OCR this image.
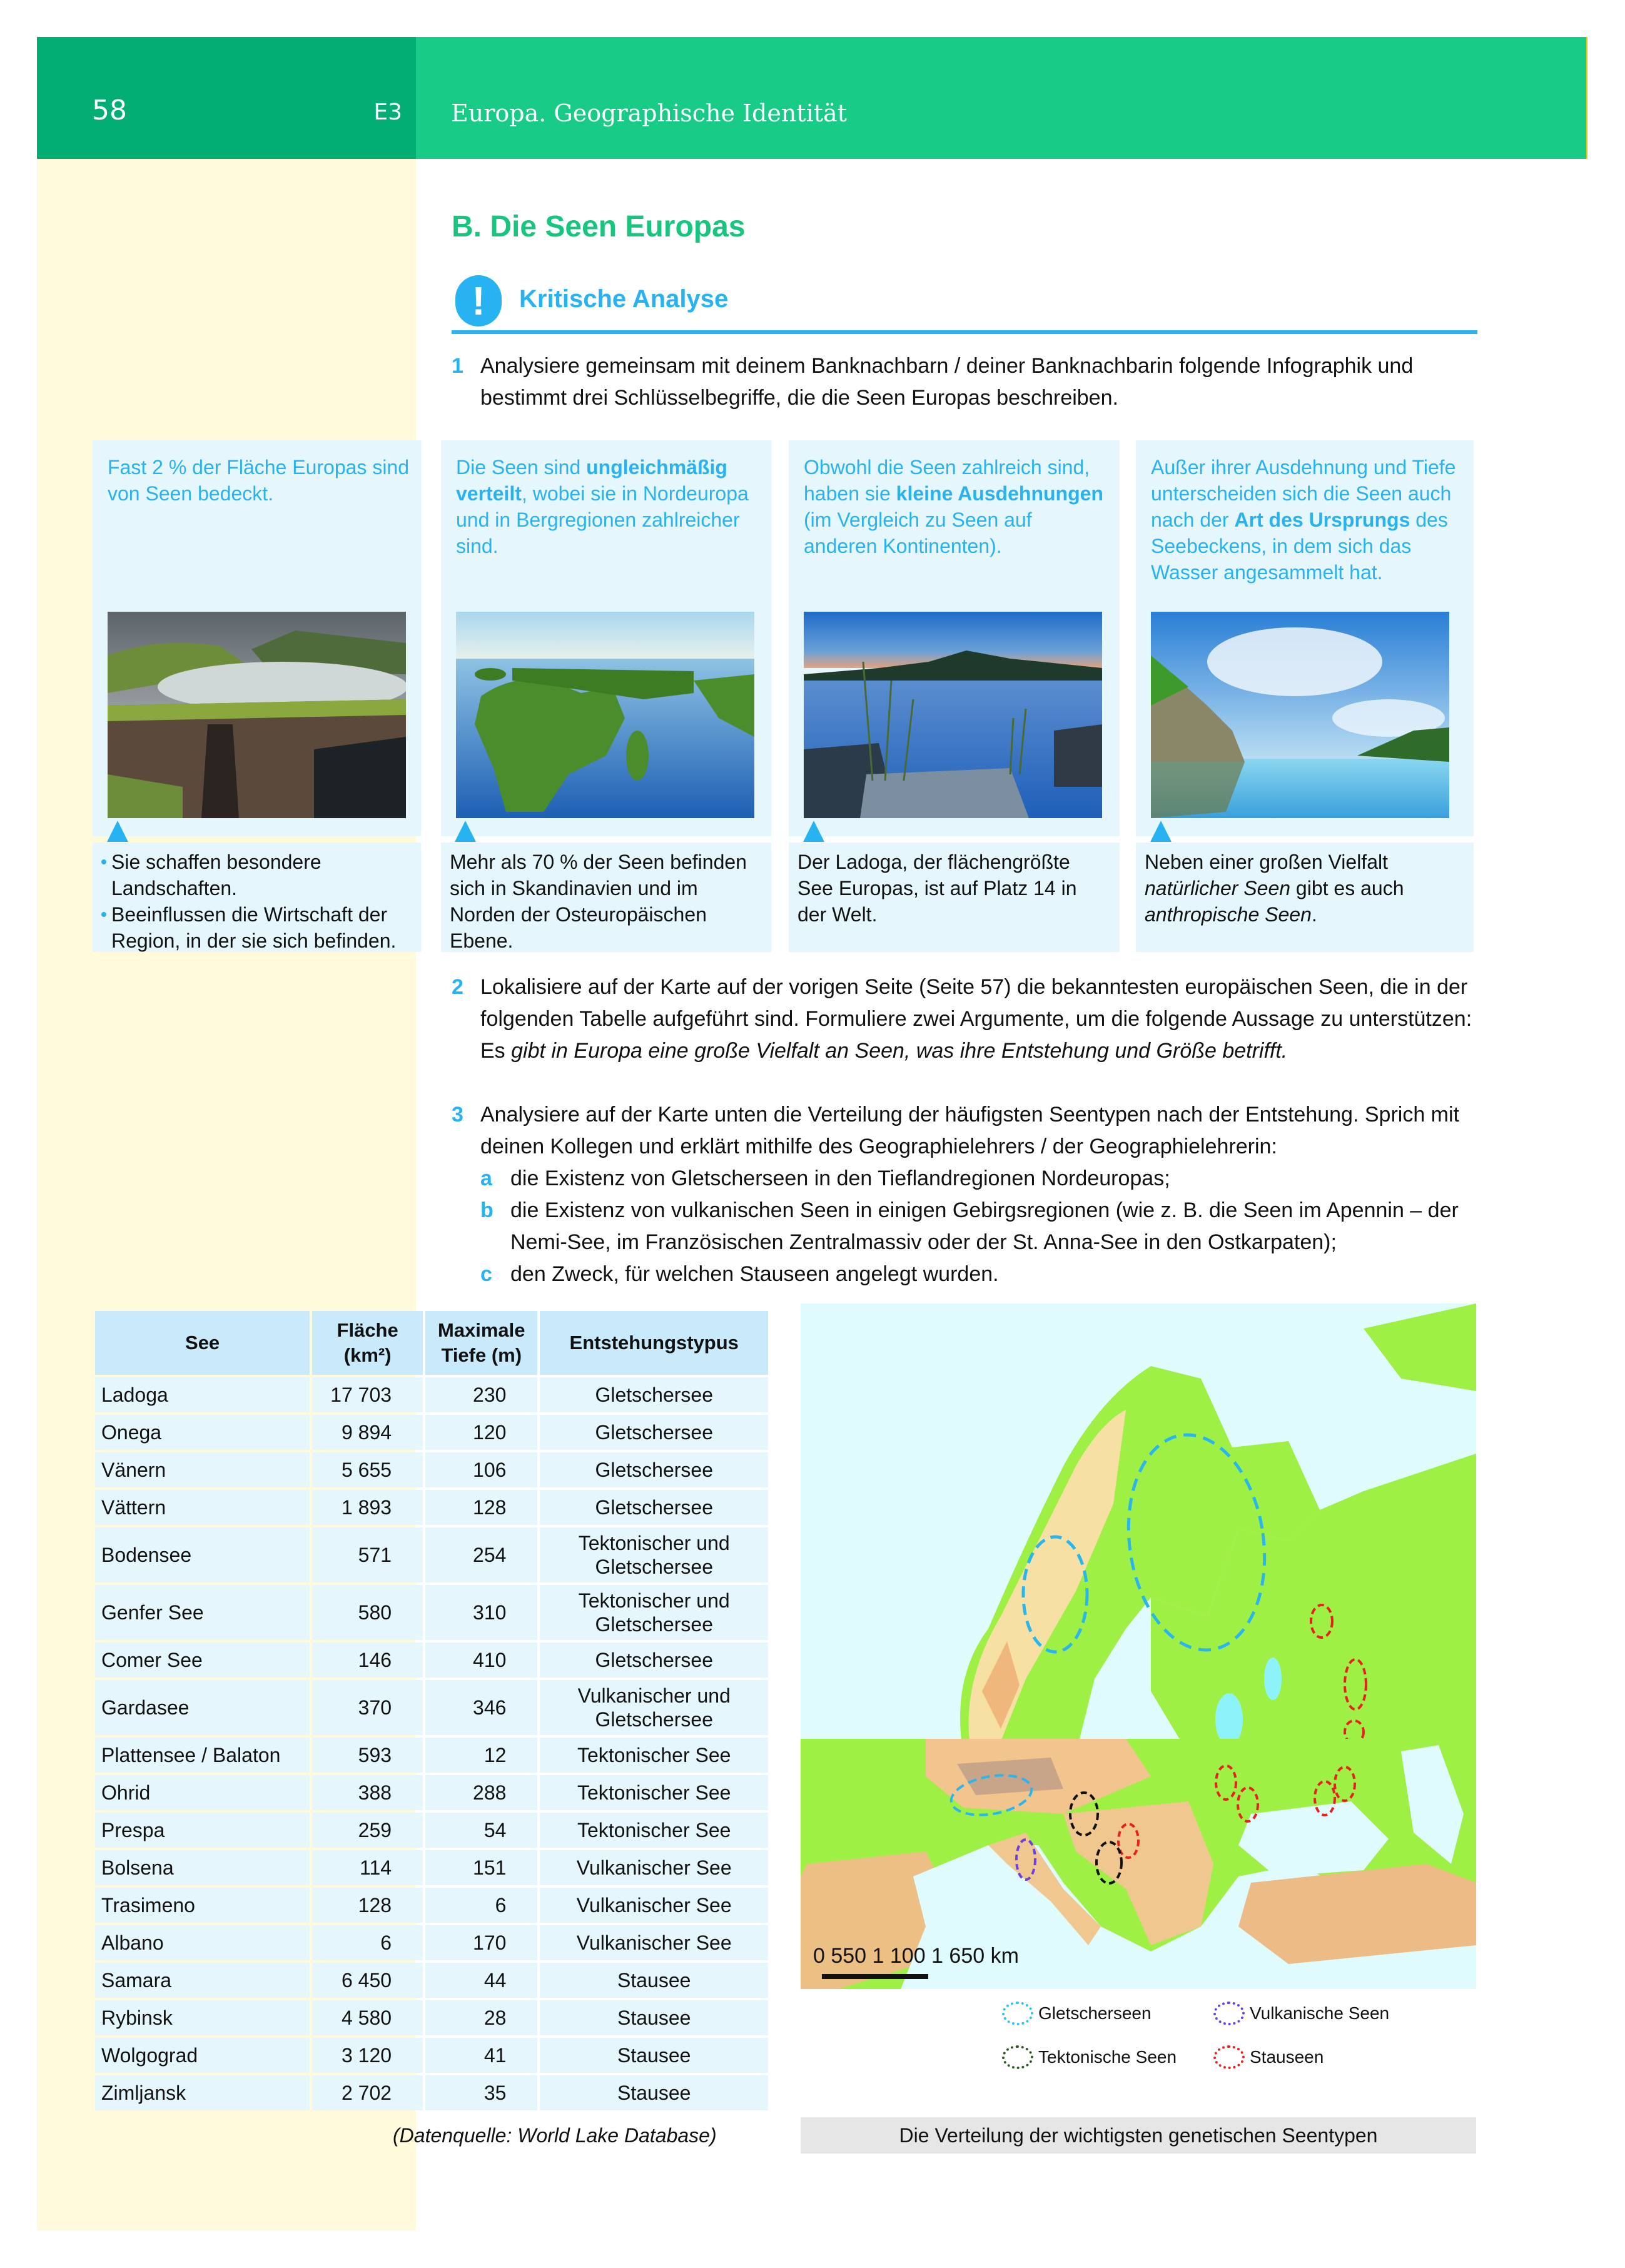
58	E3 Europa. Geographische Identität
B. Die Seen Europas
!	Kritische Analyse
1 Analysiere gemeinsam mit deinem Banknachbarn / deiner Banknachbarin folgende Infographik und bestimmt drei Schlüsselbegriffe, die die Seen Europas beschreiben.
Fast 2 % der Fläche Europas sind von Seen bedeckt.
Sie schaffen besondere Landschaften.
Beeinflussen die Wirtschaft der Region, in der sie sich befinden.
Die Seen sind ungleichmäßig verteilt, wobei sie in Nordeuropa und in Bergregionen zahlreicher sind.
Mehr als 70 % der Seen befinden sich in Skandinavien und im Norden der Osteuropäischen Ebene.
Obwohl die Seen zahlreich sind, haben sie kleine Ausdehnungen (im Vergleich zu Seen auf anderen Kontinenten).
Der Ladoga, der flächengrößte See Europas, ist auf Platz 14 in der Welt.
Außer ihrer Ausdehnung und Tiefe unterscheiden sich die Seen auch nach der Art des Ursprungs des Seebeckens, in dem sich das Wasser angesammelt hat.
Neben einer großen Vielfalt natürlicher Seen gibt es auch anthropische Seen.
2 Lokalisiere auf der Karte auf der vorigen Seite (Seite 57) die bekanntesten europäischen Seen, die in der folgenden Tabelle aufgeführt sind. Formuliere zwei Argumente, um die folgende Aussage zu unterstützen: Es gibt in Europa eine große Vielfalt an Seen, was ihre Entstehung und Größe betrifft.
3 Analysiere auf der Karte unten die Verteilung der häufigsten Seentypen nach der Entstehung. Sprich mit deinen Kollegen und erklärt mithilfe des Geographielehrers / der Geographielehrerin:
a die Existenz von Gletscherseen in den Tieflandregionen Nordeuropas;
b die Existenz von vulkanischen Seen in einigen Gebirgsregionen (wie z. B. die Seen im Apennin – der Nemi-See, im Französischen Zentralmassiv oder der St. Anna-See in den Ostkarpaten);
c den Zweck, für welchen Stauseen angelegt wurden.
See	Fläche (km²)	Maximale Tiefe (m)	Entstehungstypus
Ladoga	17 703	230	Gletschersee
Onega	9 894	120	Gletschersee
Vänern	5 655	106	Gletschersee
Vättern	1 893	128	Gletschersee
Bodensee	571	254	Tektonischer und Gletschersee
Genfer See	580	310	Tektonischer und Gletschersee
Comer See	146	410	Gletschersee
Gardasee	370	346	Vulkanischer und Gletschersee
Plattensee / Balaton	593	12	Tektonischer See
Ohrid	388	288	Tektonischer See
Prespa	259	54	Tektonischer See
Bolsena	114	151	Vulkanischer See
Trasimeno	128	6	Vulkanischer See
Albano	6	170	Vulkanischer See
Samara	6 450	44	Stausee
Rybinsk	4 580	28	Stausee
Wolgograd	3 120	41	Stausee
Zimljansk	2 702	35	Stausee
(Datenquelle: World Lake Database)
0 550 1 100 1 650 km
Gletscherseen	Vulkanische Seen
Tektonische Seen	Stauseen
Die Verteilung der wichtigsten genetischen Seentypen
